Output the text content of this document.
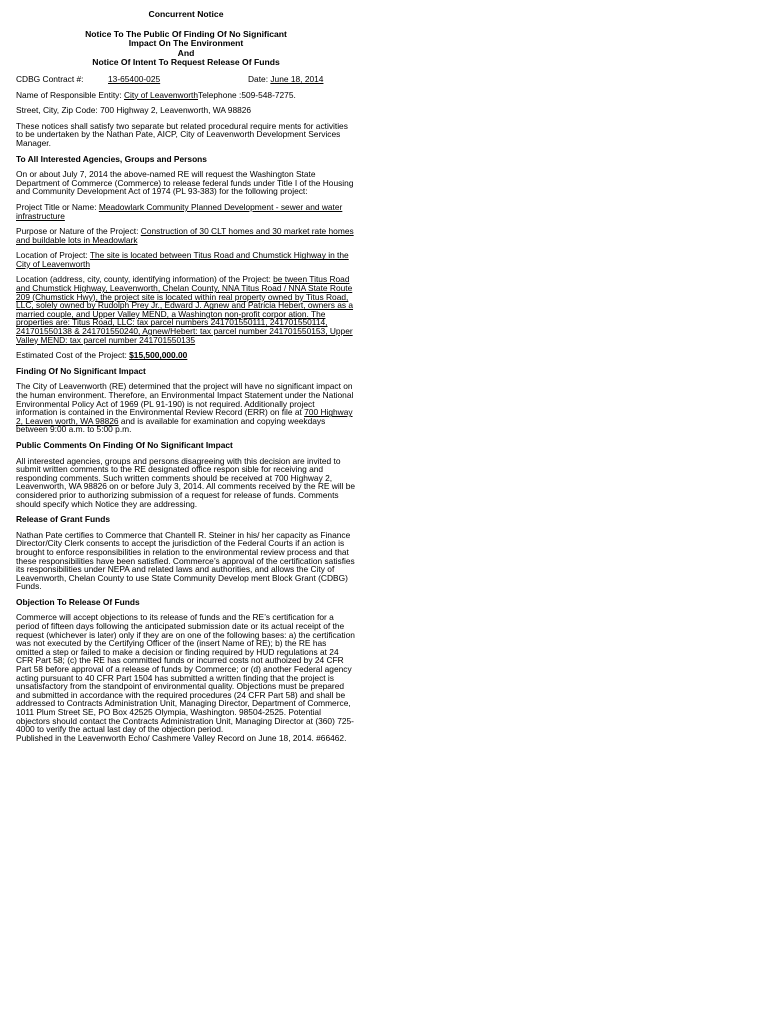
Concurrent Notice
Notice To The Public Of Finding Of No Significant
Impact On The Environment
And
Notice Of Intent To Request Release Of Funds
CDBG Contract #:	13-65400-025	Date:
June 18, 2014

Name of Responsible Entity: City of LeavenworthTelephone :509-548-7275.

Street, City, Zip Code: 700 Highway 2, Leavenworth, WA 98826

These notices shall satisfy two separate but related procedural require ments for activities to be undertaken by the Nathan Pate, AICP, City of Leavenworth Development Services Manager.

To All Interested Agencies, Groups and Persons

On or about July 7, 2014 the above-named RE will request the Washington State Department of Commerce (Commerce) to release federal funds under Title I of the Housing and Community Development Act of 1974 (PL 93-383) for the following project:

Project Title or Name: Meadowlark Community Planned Development - sewer and water infrastructure

Purpose or Nature of the Project: Construction of 30 CLT homes and 30 market rate homes and buildable lots in Meadowlark

Location of Project: The site is located between Titus Road and Chumstick Highway in the City of Leavenworth

Location (address, city, county, identifying information) of the Project: be tween Titus Road and Chumstick Highway, Leavenworth, Chelan County, NNA Titus Road / NNA State Route 209 (Chumstick Hwy), the project site is located within real property owned by Titus Road, LLC, solely owned by Rudolph Prey Jr., Edward J. Agnew and Patricia Hebert, owners as a married couple, and Upper Valley MEND, a Washington non-profit corpor ation. The properties are: Titus Road, LLC: tax parcel numbers 241701550111, 241701550114, 241701550138 & 241701550240, Agnew/Hebert: tax parcel number 241701550153, Upper Valley MEND: tax parcel number 241701550135

Estimated Cost of the Project: $15,500,000.00

Finding Of No Significant Impact

The City of Leavenworth (RE) determined that the project will have no significant impact on the human environment. Therefore, an Environmental Impact Statement under the National Environmental Policy Act of 1969 (PL 91-190) is not required. Additionally project information is contained in the Environmental Review Record (ERR) on file at 700 Highway 2, Leaven worth, WA 98826 and is available for examination and copying weekdays between 9:00 a.m. to 5:00 p.m.

Public Comments On Finding Of No Significant Impact

All interested agencies, groups and persons disagreeing with this decision are invited to submit written comments to the RE designated office respon sible for receiving and responding comments. Such written comments should be received at 700 Highway 2, Leavenworth, WA 98826 on or before July 3, 2014. All comments received by the RE will be considered prior to authorizing submission of a request for release of funds. Comments should specify which Notice they are addressing.

Release of Grant Funds

Nathan Pate certifies to Commerce that Chantell R. Steiner in his/ her capacity as Finance Director/City Clerk consents to accept the jurisdiction of the Federal Courts if an action is brought to enforce responsibilities in relation to the environmental review process and that these responsibilities have been satisfied. Commerce’s approval of the certification satisfies its responsibilities under NEPA and related laws and authorities, and allows the City of Leavenworth, Chelan County to use State Community Develop ment Block Grant (CDBG) Funds.

Objection To Release Of Funds

Commerce will accept objections to its release of funds and the RE’s certification for a period of fifteen days following the anticipated submission date or its actual receipt of the request (whichever is later) only if they are on one of the following bases: a) the certification was not executed by the Certifying Officer of the (insert Name of RE); b) the RE has omitted a step or failed to make a decision or finding required by HUD regulations at 24 CFR Part 58; (c) the RE has committed funds or incurred costs not authoized by 24 CFR Part 58 before approval of a release of funds by Commerce; or (d) another Federal agency acting pursuant to 40 CFR Part 1504 has submitted a written finding that the project is unsatisfactory from the standpoint of environmental quality. Objections must be prepared and submitted in accordance with the required procedures (24 CFR Part 58) and shall be addressed to Contracts Administration Unit, Managing Director, Department of Commerce, 1011 Plum Street SE, PO Box 42525 Olympia, Washington. 98504-2525. Potential objectors should contact the Contracts Administration Unit, Managing Director at (360) 725-4000 to verify the actual last day of the objection period.

Published in the Leavenworth Echo/ Cashmere Valley Record on June 18, 2014. #66462.
